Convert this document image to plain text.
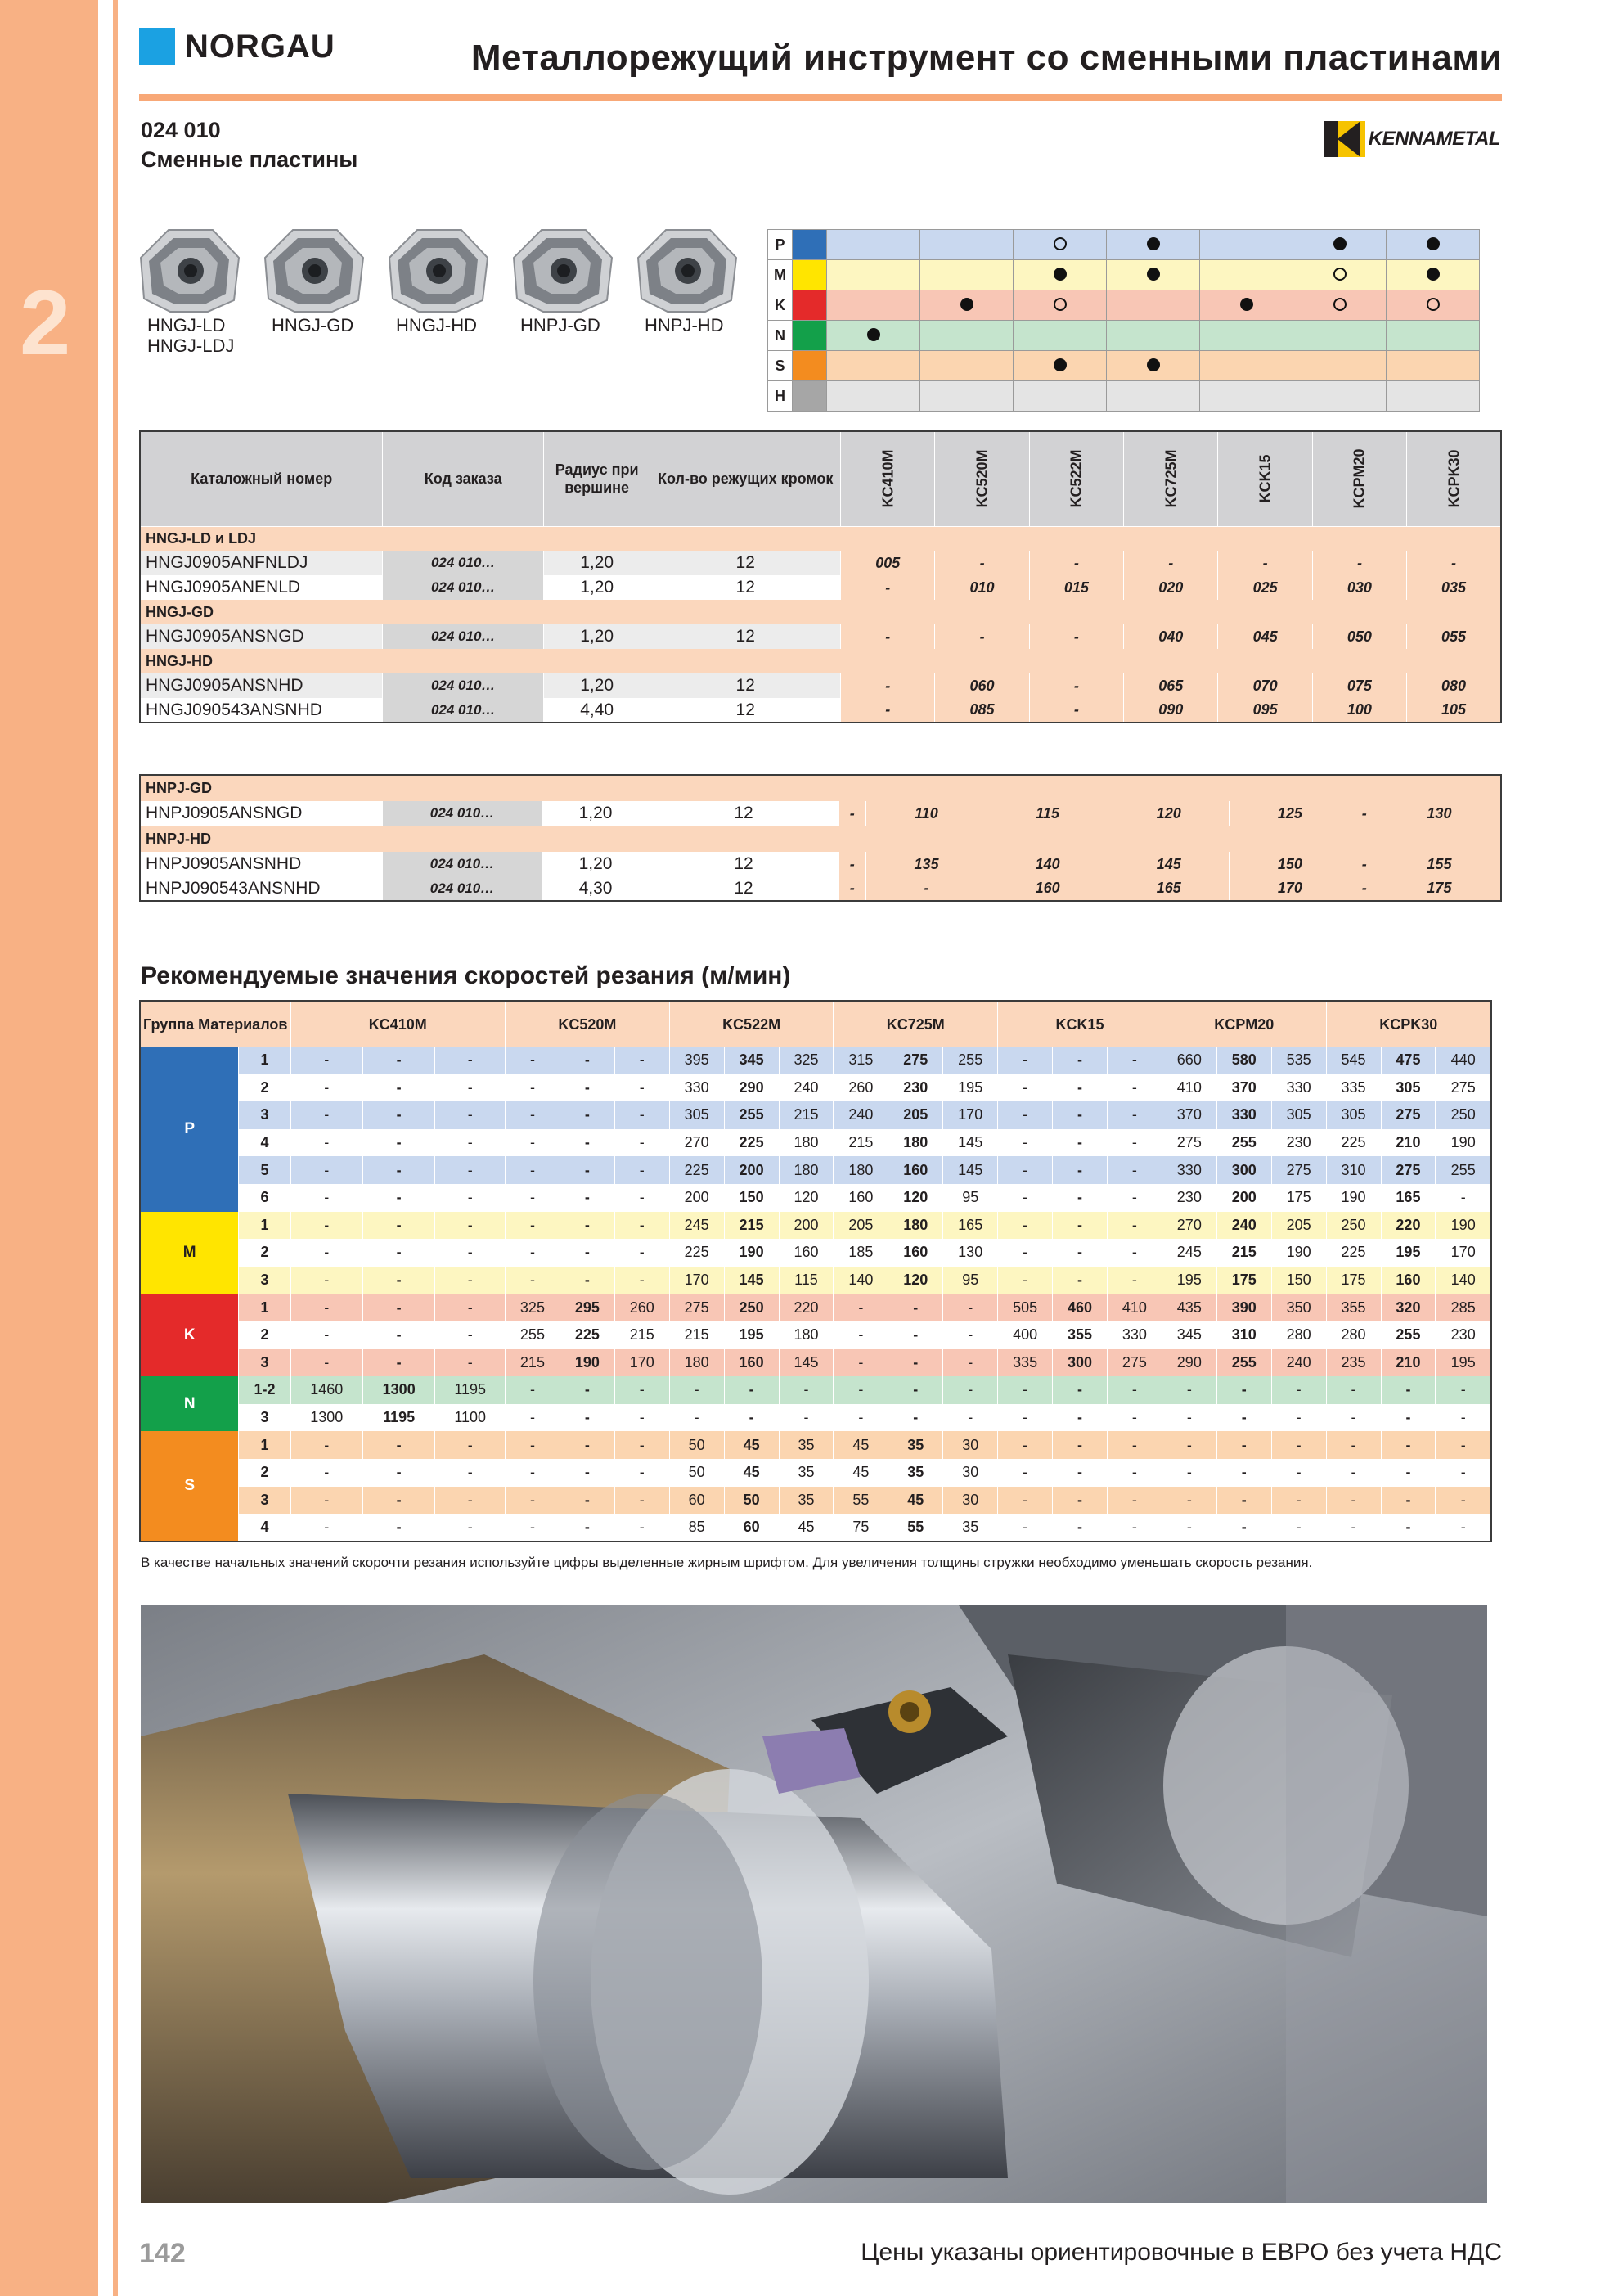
2
NORGAU	Металлорежущий инструмент со сменными пластинами
024 010
Сменные пластины
KENNAMETAL
HNGJ-LD
HNGJ-LDJ
HNGJ-GD	HNGJ-HD	HNPJ-GD	HNPJ-HD
P								
M								
K								
N								
S								
H								
Каталожный номер	Код заказа	Радиус при вершине	Кол-во режущих кромок	KC410M	KC520M	KC522M	KC725M	KCK15	KCPM20	KCPK30
HNGJ-LD и LDJ										
HNGJ0905ANFNLDJ	024 010…	1,20	12	005	-	-	-	-	-	-
HNGJ0905ANENLD	024 010…	1,20	12	-	010	015	020	025	030	035
HNGJ-GD										
HNGJ0905ANSNGD	024 010…	1,20	12	-	-	-	040	045	050	055
HNGJ-HD										
HNGJ0905ANSNHD	024 010…	1,20	12	-	060	-	065	070	075	080
HNGJ090543ANSNHD	024 010…	4,40	12	-	085	-	090	095	100	105
HNPJ-GD										
HNPJ0905ANSNGD	024 010…	1,20	12	-	110	115	120	125	-	130
HNPJ-HD										
HNPJ0905ANSNHD	024 010…	1,20	12	-	135	140	145	150	-	155
HNPJ090543ANSNHD	024 010…	4,30	12	-	-	160	165	170	-	175
Рекомендуемые значения скоростей резания (м/мин)
Группа Материалов		KC410M			KC520M			KC522M			KC725M			KCK15			KCPM20			KCPK30		
P	1	-	-	-	-	-	-	395	345	325	315	275	255	-	-	-	660	580	535	545	475	440
	2	-	-	-	-	-	-	330	290	240	260	230	195	-	-	-	410	370	330	335	305	275
	3	-	-	-	-	-	-	305	255	215	240	205	170	-	-	-	370	330	305	305	275	250
	4	-	-	-	-	-	-	270	225	180	215	180	145	-	-	-	275	255	230	225	210	190
	5	-	-	-	-	-	-	225	200	180	180	160	145	-	-	-	330	300	275	310	275	255
	6	-	-	-	-	-	-	200	150	120	160	120	95	-	-	-	230	200	175	190	165	-
M	1	-	-	-	-	-	-	245	215	200	205	180	165	-	-	-	270	240	205	250	220	190
	2	-	-	-	-	-	-	225	190	160	185	160	130	-	-	-	245	215	190	225	195	170
	3	-	-	-	-	-	-	170	145	115	140	120	95	-	-	-	195	175	150	175	160	140
K	1	-	-	-	325	295	260	275	250	220	-	-	-	505	460	410	435	390	350	355	320	285
	2	-	-	-	255	225	215	215	195	180	-	-	-	400	355	330	345	310	280	280	255	230
	3	-	-	-	215	190	170	180	160	145	-	-	-	335	300	275	290	255	240	235	210	195
N	1-2	1460	1300	1195	-	-	-	-	-	-	-	-	-	-	-	-	-	-	-	-	-	-
	3	1300	1195	1100	-	-	-	-	-	-	-	-	-	-	-	-	-	-	-	-	-	-
S	1	-	-	-	-	-	-	50	45	35	45	35	30	-	-	-	-	-	-	-	-	-
	2	-	-	-	-	-	-	50	45	35	45	35	30	-	-	-	-	-	-	-	-	-
	3	-	-	-	-	-	-	60	50	35	55	45	30	-	-	-	-	-	-	-	-	-
	4	-	-	-	-	-	-	85	60	45	75	55	35	-	-	-	-	-	-	-	-	-
В качестве начальных значений скорочти резания используйте цифры выделенные жирным шрифтом. Для увеличения толщины стружки необходимо уменьшать скорость резания.
142	Цены указаны ориентировочные в ЕВРО без учета НДС
